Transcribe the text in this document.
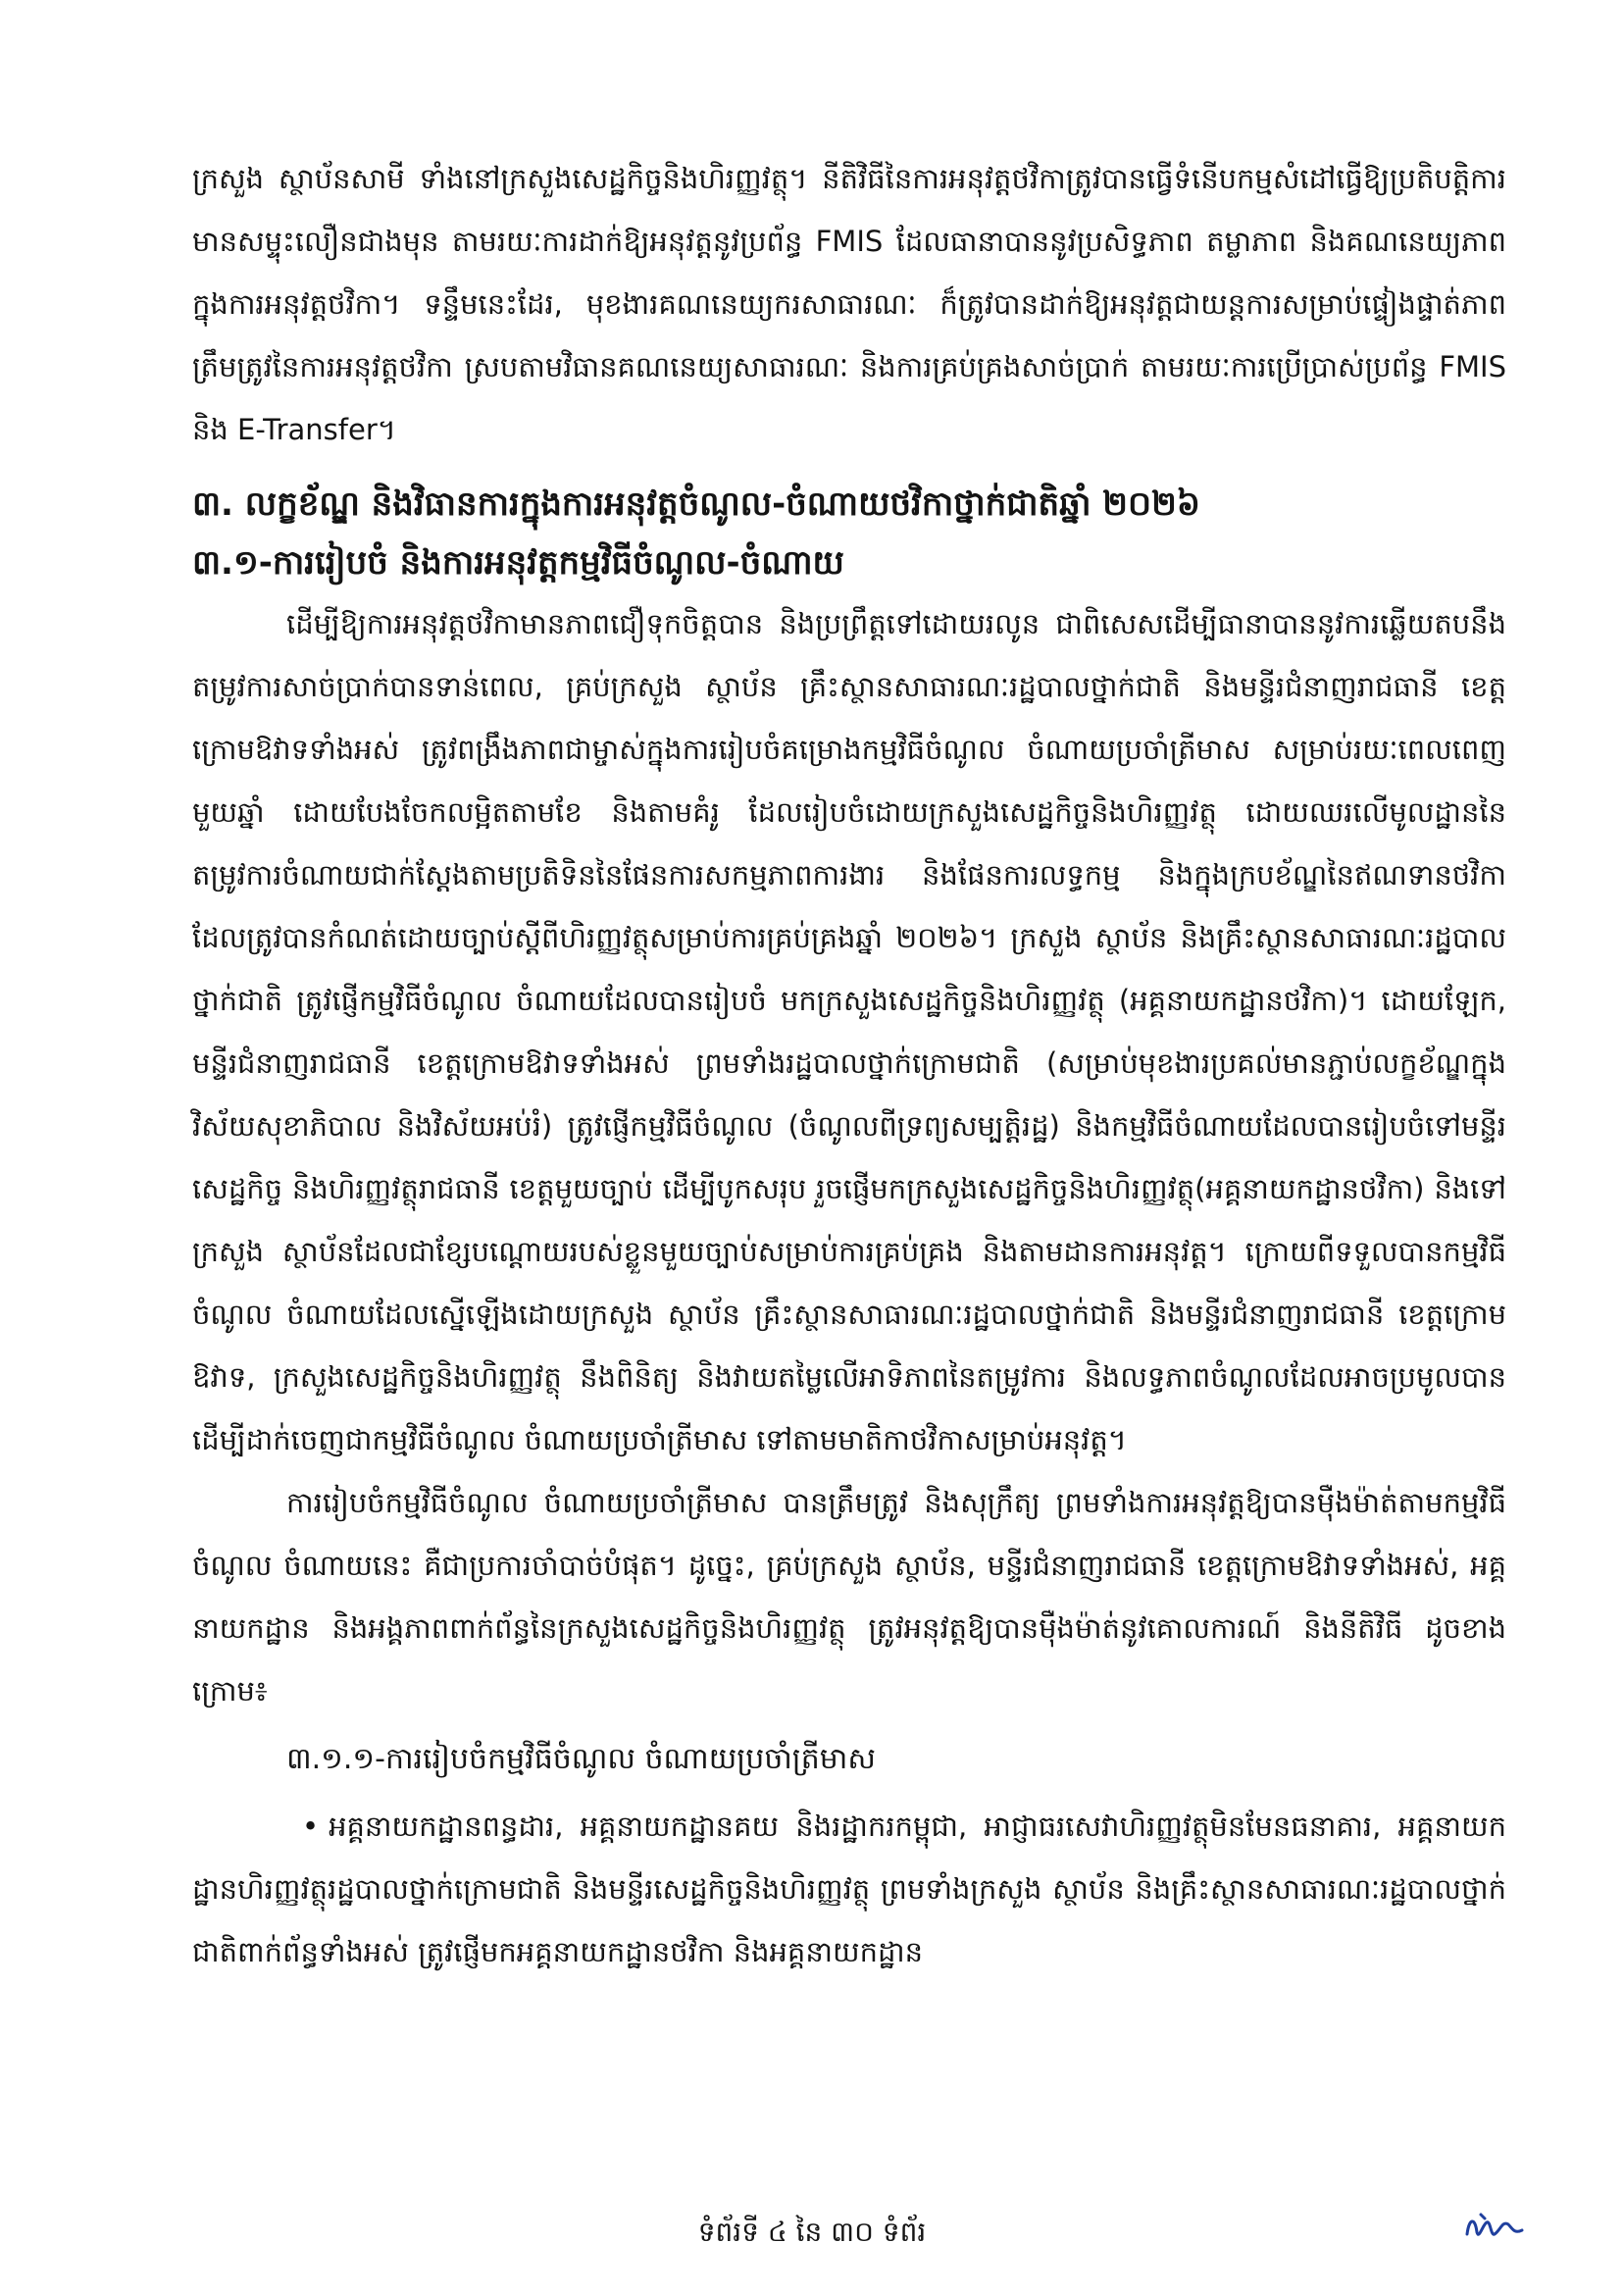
ក្រសួង ស្ថាប័នសាមី ទាំងនៅក្រសួងសេដ្ឋកិច្ចនិងហិរញ្ញវត្ថុ។ នីតិវិធីនៃការអនុវត្តថវិកាត្រូវបានធ្វើទំនើបកម្មសំដៅធ្វើឱ្យប្រតិបត្តិការមានសម្ទុះលឿនជាងមុន តាមរយៈការដាក់ឱ្យអនុវត្តនូវប្រព័ន្ធ FMIS ដែលធានាបាននូវប្រសិទ្ធភាព តម្លាភាព និងគណនេយ្យភាពក្នុងការអនុវត្តថវិកា។ ទន្ទឹមនេះដែរ, មុខងារគណនេយ្យករសាធារណៈ ក៏ត្រូវបានដាក់ឱ្យអនុវត្តជាយន្តការសម្រាប់ផ្ទៀងផ្ទាត់ភាពត្រឹមត្រូវនៃការអនុវត្តថវិកា ស្របតាមវិធានគណនេយ្យសាធារណៈ និងការគ្រប់គ្រងសាច់ប្រាក់ តាមរយៈការប្រើប្រាស់ប្រព័ន្ធ FMIS និង E-Transfer។

៣. លក្ខខ័ណ្ឌ និងវិធានការក្នុងការអនុវត្តចំណូល-ចំណាយថវិកាថ្នាក់ជាតិឆ្នាំ ២០២៦
៣.១-ការរៀបចំ និងការអនុវត្តកម្មវិធីចំណូល-ចំណាយ

ដើម្បីឱ្យការអនុវត្តថវិកាមានភាពជឿទុកចិត្តបាន និងប្រព្រឹត្តទៅដោយរលូន ជាពិសេសដើម្បីធានាបាននូវការឆ្លើយតបនឹងតម្រូវការសាច់ប្រាក់បានទាន់ពេល, គ្រប់ក្រសួង ស្ថាប័ន គ្រឹះស្ថានសាធារណៈរដ្ឋបាលថ្នាក់ជាតិ និងមន្ទីរជំនាញរាជធានី ខេត្ត ក្រោមឱវាទទាំងអស់ ត្រូវពង្រឹងភាពជាម្ចាស់ក្នុងការរៀបចំគម្រោងកម្មវិធីចំណូល ចំណាយប្រចាំត្រីមាស សម្រាប់រយៈពេលពេញមួយឆ្នាំ ដោយបែងចែកលម្អិតតាមខែ និងតាមគំរូ ដែលរៀបចំដោយក្រសួងសេដ្ឋកិច្ចនិងហិរញ្ញវត្ថុ ដោយឈរលើមូលដ្ឋាននៃតម្រូវការចំណាយជាក់ស្តែងតាមប្រតិទិននៃផែនការសកម្មភាពការងារ និងផែនការលទ្ធកម្ម និងក្នុងក្របខ័ណ្ឌនៃឥណទានថវិកា ដែលត្រូវបានកំណត់ដោយច្បាប់ស្តីពីហិរញ្ញវត្ថុសម្រាប់ការគ្រប់គ្រងឆ្នាំ ២០២៦។ ក្រសួង ស្ថាប័ន និងគ្រឹះស្ថានសាធារណៈរដ្ឋបាលថ្នាក់ជាតិ ត្រូវផ្ញើកម្មវិធីចំណូល ចំណាយដែលបានរៀបចំ មកក្រសួងសេដ្ឋកិច្ចនិងហិរញ្ញវត្ថុ (អគ្គនាយកដ្ឋានថវិកា)។ ដោយឡែក, មន្ទីរជំនាញរាជធានី ខេត្តក្រោមឱវាទទាំងអស់ ព្រមទាំងរដ្ឋបាលថ្នាក់ក្រោមជាតិ (សម្រាប់មុខងារប្រគល់មានភ្ជាប់លក្ខខ័ណ្ឌក្នុងវិស័យសុខាភិបាល និងវិស័យអប់រំ) ត្រូវផ្ញើកម្មវិធីចំណូល (ចំណូលពីទ្រព្យសម្បត្តិរដ្ឋ) និងកម្មវិធីចំណាយដែលបានរៀបចំទៅមន្ទីរសេដ្ឋកិច្ច និងហិរញ្ញវត្ថុរាជធានី ខេត្តមួយច្បាប់ ដើម្បីបូកសរុប រួចផ្ញើមកក្រសួងសេដ្ឋកិច្ចនិងហិរញ្ញវត្ថុ(អគ្គនាយកដ្ឋានថវិកា) និងទៅក្រសួង ស្ថាប័នដែលជាខ្សែបណ្តោយរបស់ខ្លួនមួយច្បាប់សម្រាប់ការគ្រប់គ្រង និងតាមដានការអនុវត្ត។ ក្រោយពីទទួលបានកម្មវិធីចំណូល ចំណាយដែលស្នើឡើងដោយក្រសួង ស្ថាប័ន គ្រឹះស្ថានសាធារណៈរដ្ឋបាលថ្នាក់ជាតិ និងមន្ទីរជំនាញរាជធានី ខេត្តក្រោមឱវាទ, ក្រសួងសេដ្ឋកិច្ចនិងហិរញ្ញវត្ថុ នឹងពិនិត្យ និងវាយតម្លៃលើអាទិភាពនៃតម្រូវការ និងលទ្ធភាពចំណូលដែលអាចប្រមូលបាន ដើម្បីដាក់ចេញជាកម្មវិធីចំណូល ចំណាយប្រចាំត្រីមាស ទៅតាមមាតិកាថវិកាសម្រាប់អនុវត្ត។

ការរៀបចំកម្មវិធីចំណូល ចំណាយប្រចាំត្រីមាស បានត្រឹមត្រូវ និងសុក្រឹត្យ ព្រមទាំងការអនុវត្តឱ្យបានម៉ឺងម៉ាត់តាមកម្មវិធីចំណូល ចំណាយនេះ គឺជាប្រការចាំបាច់បំផុត។ ដូច្នេះ, គ្រប់ក្រសួង ស្ថាប័ន, មន្ទីរជំនាញរាជធានី ខេត្តក្រោមឱវាទទាំងអស់, អគ្គនាយកដ្ឋាន និងអង្គភាពពាក់ព័ន្ធនៃក្រសួងសេដ្ឋកិច្ចនិងហិរញ្ញវត្ថុ ត្រូវអនុវត្តឱ្យបានម៉ឺងម៉ាត់នូវគោលការណ៍ និងនីតិវិធី ដូចខាងក្រោម៖

៣.១.១-ការរៀបចំកម្មវិធីចំណូល ចំណាយប្រចាំត្រីមាស

• អគ្គនាយកដ្ឋានពន្ធដារ, អគ្គនាយកដ្ឋានគយ និងរដ្ឋាករកម្ពុជា, អាជ្ញាធរសេវាហិរញ្ញវត្ថុមិនមែនធនាគារ, អគ្គនាយកដ្ឋានហិរញ្ញវត្ថុរដ្ឋបាលថ្នាក់ក្រោមជាតិ និងមន្ទីរសេដ្ឋកិច្ចនិងហិរញ្ញវត្ថុ ព្រមទាំងក្រសួង ស្ថាប័ន និងគ្រឹះស្ថានសាធារណៈរដ្ឋបាលថ្នាក់ជាតិពាក់ព័ន្ធទាំងអស់ ត្រូវផ្ញើមកអគ្គនាយកដ្ឋានថវិកា និងអគ្គនាយកដ្ឋាន

ទំព័រទី ៤ នៃ ៣០ ទំព័រ
